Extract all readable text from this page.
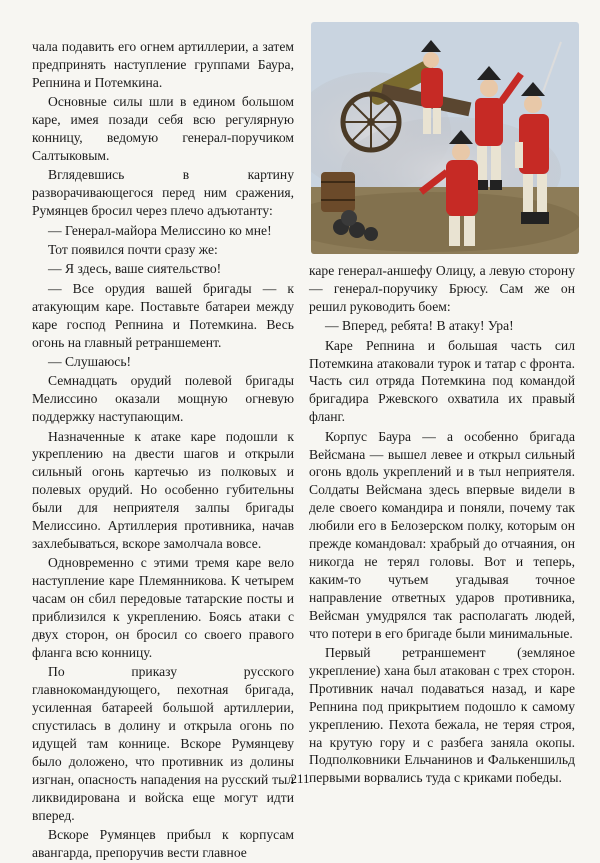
чала подавить его огнем артиллерии, а затем предпринять наступление группами Баура, Репнина и Потемкина.

Основные силы шли в едином большом каре, имея позади себя всю регулярную конницу, ведомую генерал-поручиком Салтыковым.

Вглядевшись в картину разворачивающегося перед ним сражения, Румянцев бросил через плечо адъютанту:

— Генерал-майора Мелиссино ко мне!

Тот появился почти сразу же:

— Я здесь, ваше сиятельство!

— Все орудия вашей бригады — к атакующим каре. Поставьте батареи между каре господ Репнина и Потемкина. Весь огонь на главный ретраншемент.

— Слушаюсь!

Семнадцать орудий полевой бригады Мелиссино оказали мощную огневую поддержку наступающим.

Назначенные к атаке каре подошли к укреплению на двести шагов и открыли сильный огонь картечью из полковых и полевых орудий. Но особенно губительны были для неприятеля залпы бригады Мелиссино. Артиллерия противника, начав захлебываться, вскоре замолчала вовсе.

Одновременно с этими тремя каре вело наступление каре Племянникова. К четырем часам он сбил передовые татарские посты и приблизился к укреплению. Боясь атаки с двух сторон, он бросил со своего правого фланга всю конницу.

По приказу русского главнокомандующего, пехотная бригада, усиленная батареей большой артиллерии, спустилась в долину и открыла огонь по идущей там коннице. Вскоре Румянцеву было доложено, что противник из долины изгнан, опасность нападения на русский тыл ликвидирована и войска еще могут идти вперед.

Вскоре Румянцев прибыл к корпусам авангарда, препоручив вести главное

каре генерал-аншефу Олицу, а левую сторону — генерал-поручику Брюсу. Сам же он решил руководить боем:

— Вперед, ребята! В атаку! Ура!

Каре Репнина и большая часть сил Потемкина атаковали турок и татар с фронта. Часть сил отряда Потемкина под командой бригадира Ржевского охватила их правый фланг.

Корпус Баура — а особенно бригада Вейсмана — вышел левее и открыл сильный огонь вдоль укреплений и в тыл неприятеля. Солдаты Вейсмана здесь впервые видели в деле своего командира и поняли, почему так любили его в Белозерском полку, которым он прежде командовал: храбрый до отчаяния, он никогда не терял головы. Вот и теперь, каким-то чутьем угадывая точное направление ответных ударов противника, Вейсман умудрялся так располагать людей, что потери в его бригаде были минимальные.

Первый ретраншемент (земляное укрепление) хана был атакован с трех сторон. Противник начал подаваться назад, и каре Репнина под прикрытием подошло к самому укреплению. Пехота бежала, не теряя строя, на крутую гору и с разбега заняла окопы. Подполковники Ельчанинов и Фалькеншильд первыми ворвались туда с криками победы.

211
